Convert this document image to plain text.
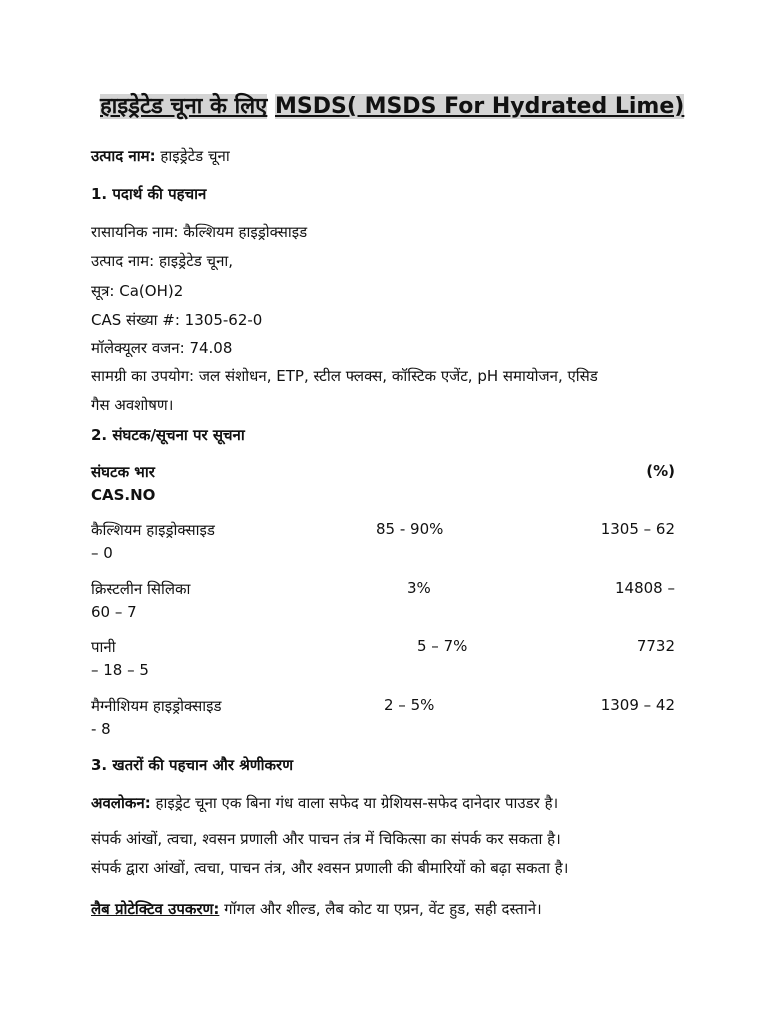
हाइड्रेटेड चूना के लिए MSDS( MSDS For Hydrated Lime)
उत्पाद नाम: हाइड्रेटेड चूना
1. पदार्थ की पहचान
रासायनिक नाम: कैल्शियम हाइड्रोक्साइड
उत्पाद नाम: हाइड्रेटेड चूना,
सूत्र: Ca(OH)2
CAS संख्या #: 1305-62-0
मॉलेक्यूलर वजन: 74.08
सामग्री का उपयोग: जल संशोधन, ETP, स्टील फ्लक्स, कॉस्टिक एजेंट, pH समायोजन, एसिड
गैस अवशोषण।
2. संघटक/सूचना पर सूचना
संघटक भार	(%)
CAS.NO
कैल्शियम हाइड्रोक्साइड	85 - 90%	1305 – 62
– 0
क्रिस्टलीन सिलिका	3%	14808 –
60 – 7
पानी	5 – 7%	7732
– 18 – 5
मैग्नीशियम हाइड्रोक्साइड	2 – 5%	1309 – 42
- 8
3. खतरों की पहचान और श्रेणीकरण
अवलोकन: हाइड्रेट चूना एक बिना गंध वाला सफेद या ग्रेशियस-सफेद दानेदार पाउडर है।
संपर्क आंखों, त्वचा, श्वसन प्रणाली और पाचन तंत्र में चिकित्सा का संपर्क कर सकता है।
संपर्क द्वारा आंखों, त्वचा, पाचन तंत्र, और श्वसन प्रणाली की बीमारियों को बढ़ा सकता है।
लैब प्रोटेक्टिव उपकरण: गॉगल और शील्ड, लैब कोट या एप्रन, वेंट हुड, सही दस्ताने।
